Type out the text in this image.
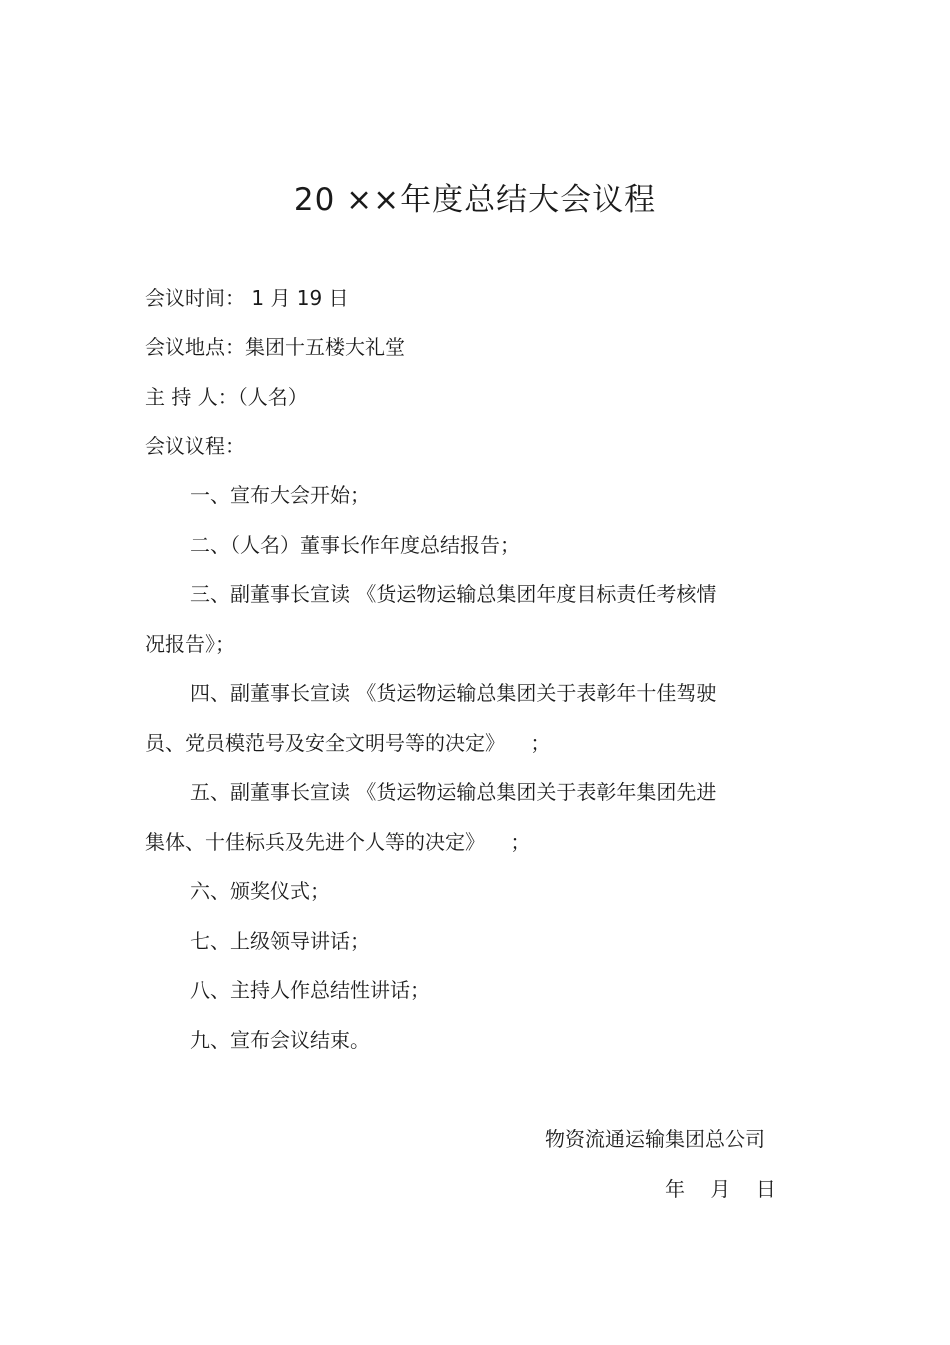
20 ××年度总结大会议程
会议时间： 1 月 19 日
会议地点：集团十五楼大礼堂
主 持 人：（人名）
会议议程：
一、宣布大会开始；
二、（人名）董事长作年度总结报告；
三、副董事长宣读 《货运物运输总集团年度目标责任考核情
况报告》；
四、副董事长宣读 《货运物运输总集团关于表彰年十佳驾驶
员、党员模范号及安全文明号等的决定》    ；
五、副董事长宣读 《货运物运输总集团关于表彰年集团先进
集体、十佳标兵及先进个人等的决定》    ；
六、颁奖仪式；
七、上级领导讲话；
八、主持人作总结性讲话；
九、宣布会议结束。
物资流通运输集团总公司
年    月    日
